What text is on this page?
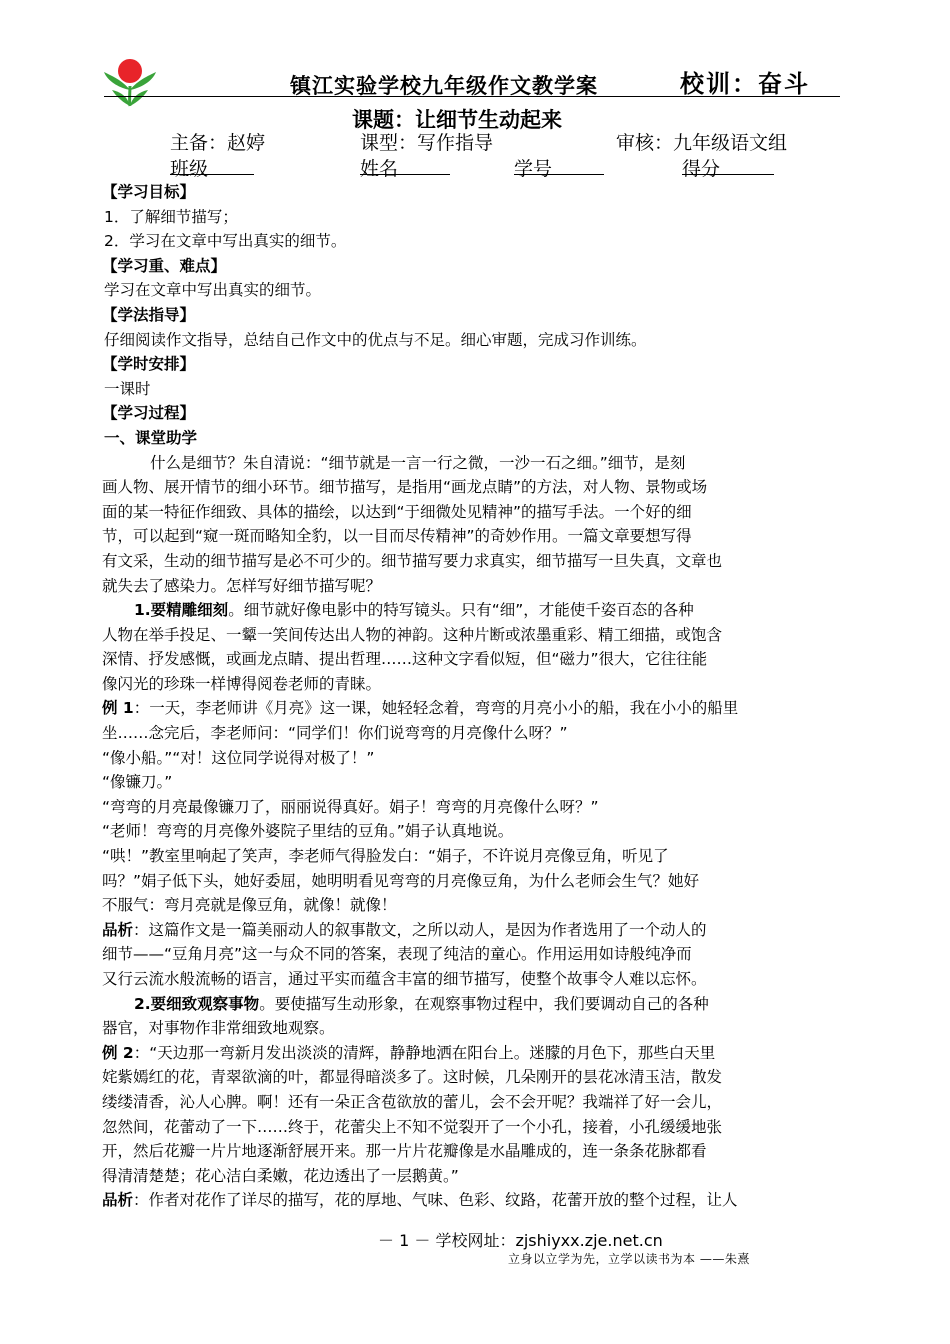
镇江实验学校九年级作文教学案	校训：奋斗
课题：让细节生动起来
主备：赵婷	课型：写作指导	审核：九年级语文组
班级	姓名	学号	得分
【学习目标】
1．了解细节描写；
2．学习在文章中写出真实的细节。
【学习重、难点】
学习在文章中写出真实的细节。
【学法指导】
仔细阅读作文指导，总结自己作文中的优点与不足。细心审题，完成习作训练。
【学时安排】
一课时
【学习过程】
一、课堂助学
什么是细节？朱自清说：“细节就是一言一行之微，一沙一石之细。”细节，是刻
画人物、展开情节的细小环节。细节描写，是指用“画龙点睛”的方法，对人物、景物或场
面的某一特征作细致、具体的描绘，以达到“于细微处见精神”的描写手法。一个好的细
节，可以起到“窥一斑而略知全豹，以一目而尽传精神”的奇妙作用。一篇文章要想写得
有文采，生动的细节描写是必不可少的。细节描写要力求真实，细节描写一旦失真，文章也
就失去了感染力。怎样写好细节描写呢？
1.要精雕细刻。细节就好像电影中的特写镜头。只有“细”，才能使千姿百态的各种
人物在举手投足、一颦一笑间传达出人物的神韵。这种片断或浓墨重彩、精工细描，或饱含
深情、抒发感慨，或画龙点睛、提出哲理……这种文字看似短，但“磁力”很大，它往往能
像闪光的珍珠一样博得阅卷老师的青睐。
例 1：一天，李老师讲《月亮》这一课，她轻轻念着，弯弯的月亮小小的船，我在小小的船里
坐……念完后，李老师问：“同学们！你们说弯弯的月亮像什么呀？”
“像小船。”“对！这位同学说得对极了！”
“像镰刀。”
“弯弯的月亮最像镰刀了，丽丽说得真好。娟子！弯弯的月亮像什么呀？”
“老师！弯弯的月亮像外婆院子里结的豆角。”娟子认真地说。
“哄！”教室里响起了笑声，李老师气得脸发白：“娟子，不许说月亮像豆角，听见了
吗？”娟子低下头，她好委屈，她明明看见弯弯的月亮像豆角，为什么老师会生气？她好
不服气：弯月亮就是像豆角，就像！就像！
品析：这篇作文是一篇美丽动人的叙事散文，之所以动人，是因为作者选用了一个动人的
细节——“豆角月亮”这一与众不同的答案，表现了纯洁的童心。作用运用如诗般纯净而
又行云流水般流畅的语言，通过平实而蕴含丰富的细节描写，使整个故事令人难以忘怀。
2.要细致观察事物。要使描写生动形象，在观察事物过程中，我们要调动自己的各种
器官，对事物作非常细致地观察。
例 2：“天边那一弯新月发出淡淡的清辉，静静地洒在阳台上。迷朦的月色下，那些白天里
姹紫嫣红的花，青翠欲滴的叶，都显得暗淡多了。这时候，几朵刚开的昙花冰清玉洁，散发
缕缕清香，沁人心脾。啊！还有一朵正含苞欲放的蕾儿，会不会开呢？我端祥了好一会儿，
忽然间，花蕾动了一下……终于，花蕾尖上不知不觉裂开了一个小孔，接着，小孔缓缓地张
开，然后花瓣一片片地逐渐舒展开来。那一片片花瓣像是水晶雕成的，连一条条花脉都看
得清清楚楚；花心洁白柔嫩，花边透出了一层鹅黄。”
品析：作者对花作了详尽的描写，花的厚地、气味、色彩、纹路，花蕾开放的整个过程，让人
－ 1 － 学校网址：zjshiyxx.zje.net.cn
立身以立学为先，立学以读书为本 ——朱熹
